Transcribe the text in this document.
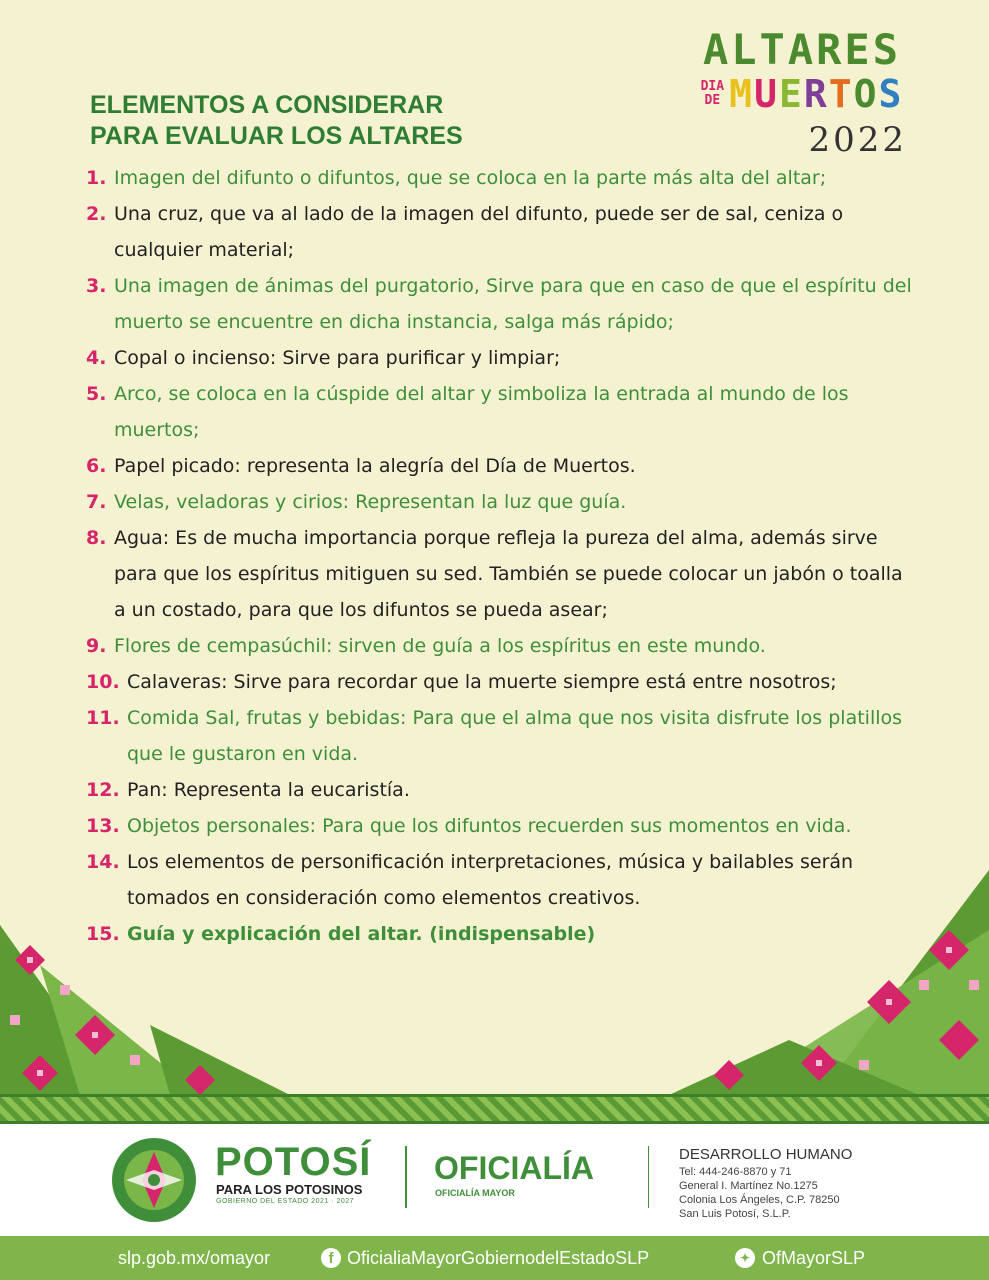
ALTARES
DIA
DE MUERTOS
2022
ELEMENTOS A CONSIDERAR
PARA EVALUAR LOS ALTARES
1. Imagen del difunto o difuntos, que se coloca en la parte más alta del altar;
2. Una cruz, que va al lado de la imagen del difunto, puede ser de sal, ceniza o cualquier material;
3. Una imagen de ánimas del purgatorio, Sirve para que en caso de que el espíritu del muerto se encuentre en dicha instancia, salga más rápido;
4. Copal o incienso: Sirve para purificar y limpiar;
5. Arco, se coloca en la cúspide del altar y simboliza la entrada al mundo de los muertos;
6. Papel picado: representa la alegría del Día de Muertos.
7. Velas, veladoras y cirios: Representan la luz que guía.
8. Agua: Es de mucha importancia porque refleja la pureza del alma, además sirve para que los espíritus mitiguen su sed. También se puede colocar un jabón o toalla a un costado, para que los difuntos se pueda asear;
9. Flores de cempasúchil: sirven de guía a los espíritus en este mundo.
10. Calaveras: Sirve para recordar que la muerte siempre está entre nosotros;
11. Comida Sal, frutas y bebidas: Para que el alma que nos visita disfrute los platillos que le gustaron en vida.
12. Pan: Representa la eucaristía.
13. Objetos personales: Para que los difuntos recuerden sus momentos en vida.
14. Los elementos de personificación interpretaciones, música y bailables serán tomados en consideración como elementos creativos.
15. Guía y explicación del altar. (indispensable)
POTOSÍ
PARA LOS POTOSINOS
GOBIERNO DEL ESTADO 2021 · 2027
OFICIALÍA
OFICIALÍA MAYOR
DESARROLLO HUMANO
Tel: 444-246-8870 y 71
General I. Martínez No.1275
Colonia Los Ángeles, C.P. 78250
San Luis Potosí, S.L.P.
slp.gob.mx/omayor	f OficialiaMayorGobiernodelEstadoSLP	✦ OfMayorSLP
